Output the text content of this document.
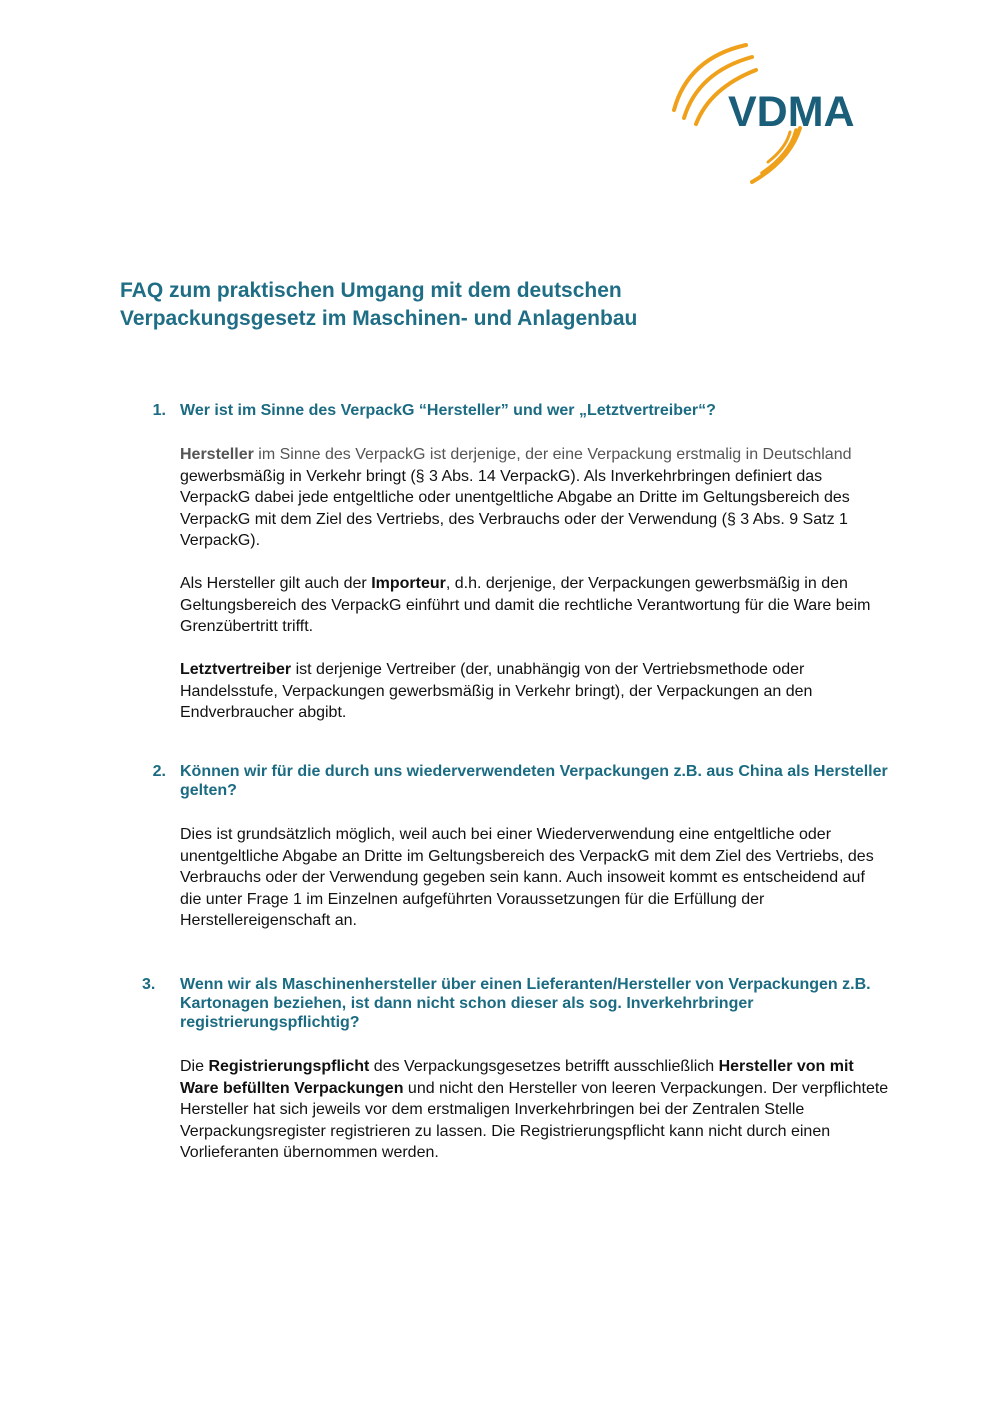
VDMA
FAQ zum praktischen Umgang mit dem deutschen
Verpackungsgesetz im Maschinen- und Anlagenbau
1. Wer ist im Sinne des VerpackG “Hersteller” und wer „Letztvertreiber“?

Hersteller im Sinne des VerpackG ist derjenige, der eine Verpackung erstmalig in Deutschland gewerbsmäßig in Verkehr bringt (§ 3 Abs. 14 VerpackG). Als Inverkehrbringen definiert das VerpackG dabei jede entgeltliche oder unentgeltliche Abgabe an Dritte im Geltungsbereich des VerpackG mit dem Ziel des Vertriebs, des Verbrauchs oder der Verwendung (§ 3 Abs. 9 Satz 1 VerpackG).

Als Hersteller gilt auch der Importeur, d.h. derjenige, der Verpackungen gewerbsmäßig in den Geltungsbereich des VerpackG einführt und damit die rechtliche Verantwortung für die Ware beim Grenzübertritt trifft.

Letztvertreiber ist derjenige Vertreiber (der, unabhängig von der Vertriebsmethode oder Handelsstufe, Verpackungen gewerbsmäßig in Verkehr bringt), der Verpackungen an den Endverbraucher abgibt.

2. Können wir für die durch uns wiederverwendeten Verpackungen z.B. aus China als Hersteller gelten?

Dies ist grundsätzlich möglich, weil auch bei einer Wiederverwendung eine entgeltliche oder unentgeltliche Abgabe an Dritte im Geltungsbereich des VerpackG mit dem Ziel des Vertriebs, des Verbrauchs oder der Verwendung gegeben sein kann. Auch insoweit kommt es entscheidend auf die unter Frage 1 im Einzelnen aufgeführten Voraussetzungen für die Erfüllung der Herstellereigenschaft an.

3.	Wenn wir als Maschinenhersteller über einen Lieferanten/Hersteller von Verpackungen z.B. Kartonagen beziehen, ist dann nicht schon dieser als sog. Inverkehrbringer registrierungspflichtig?

Die Registrierungspflicht des Verpackungsgesetzes betrifft ausschließlich Hersteller von mit Ware befüllten Verpackungen und nicht den Hersteller von leeren Verpackungen. Der verpflichtete Hersteller hat sich jeweils vor dem erstmaligen Inverkehrbringen bei der Zentralen Stelle Verpackungsregister registrieren zu lassen. Die Registrierungspflicht kann nicht durch einen Vorlieferanten übernommen werden.
